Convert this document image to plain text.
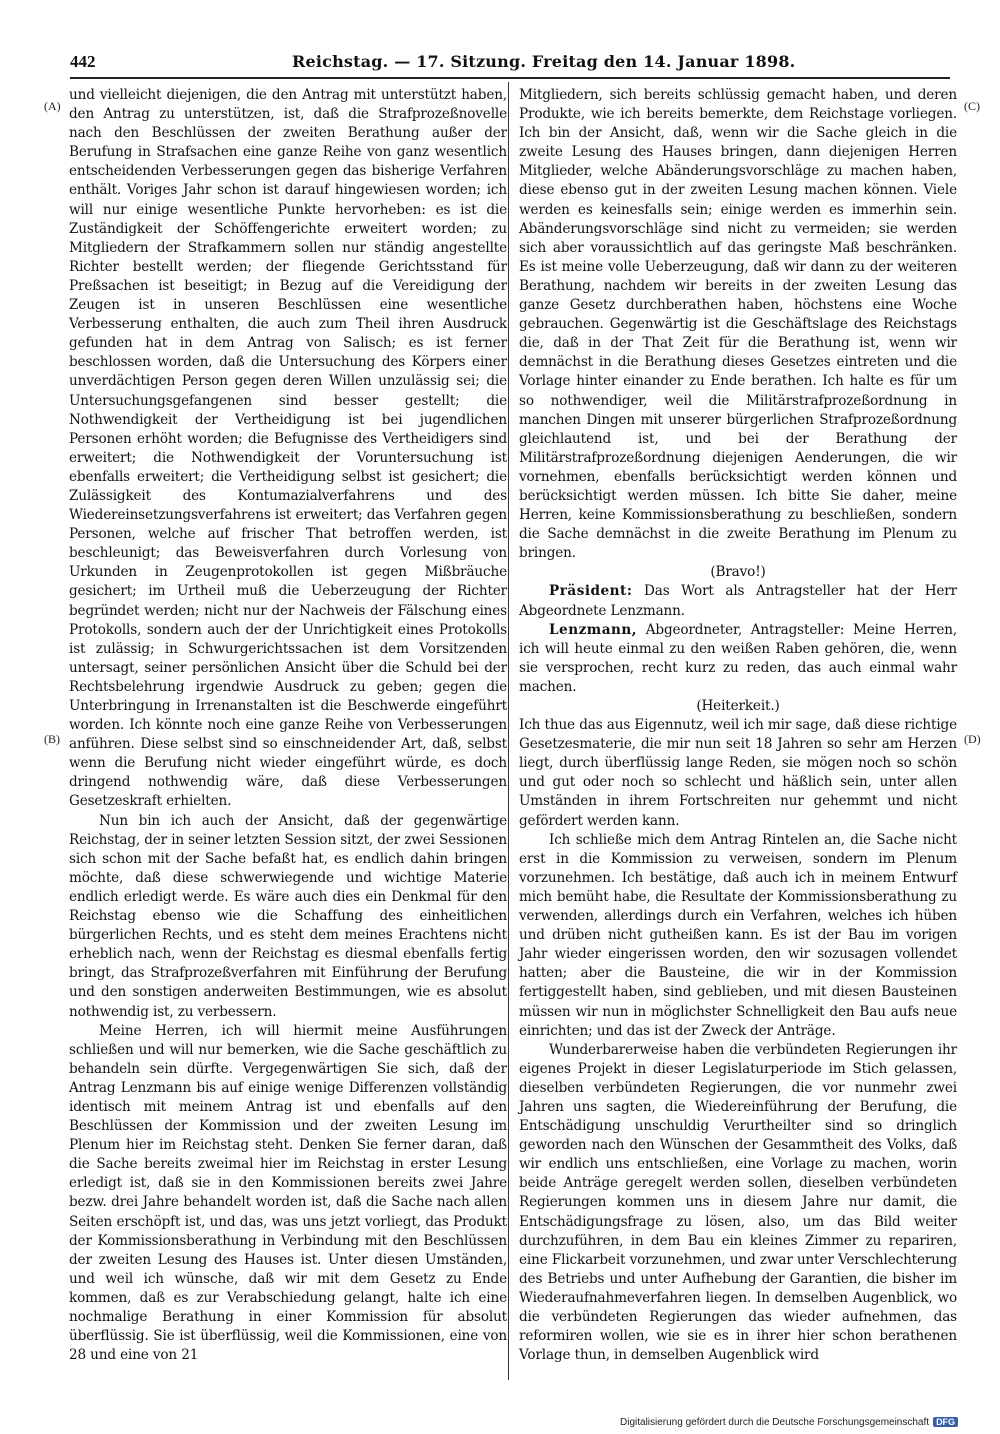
442	Reichstag. — 17. Sitzung. Freitag den 14. Januar 1898.
(A)
(B)
(C)
(D)

und vielleicht diejenigen, die den Antrag mit unterstützt haben, den Antrag zu unterstützen, ist, daß die Strafprozeßnovelle nach den Beschlüssen der zweiten Berathung außer der Berufung in Strafsachen eine ganze Reihe von ganz wesentlich entscheidenden Verbesserungen gegen das bisherige Verfahren enthält. Voriges Jahr schon ist darauf hingewiesen worden; ich will nur einige wesentliche Punkte hervorheben: es ist die Zuständigkeit der Schöffengerichte erweitert worden; zu Mitgliedern der Strafkammern sollen nur ständig angestellte Richter bestellt werden; der fliegende Gerichtsstand für Preßsachen ist beseitigt; in Bezug auf die Vereidigung der Zeugen ist in unseren Beschlüssen eine wesentliche Verbesserung enthalten, die auch zum Theil ihren Ausdruck gefunden hat in dem Antrag von Salisch; es ist ferner beschlossen worden, daß die Untersuchung des Körpers einer unverdächtigen Person gegen deren Willen unzulässig sei; die Untersuchungsgefangenen sind besser gestellt; die Nothwendigkeit der Vertheidigung ist bei jugendlichen Personen erhöht worden; die Befugnisse des Vertheidigers sind erweitert; die Nothwendigkeit der Voruntersuchung ist ebenfalls erweitert; die Vertheidigung selbst ist gesichert; die Zulässigkeit des Kontumazialverfahrens und des Wiedereinsetzungsverfahrens ist erweitert; das Verfahren gegen Personen, welche auf frischer That betroffen werden, ist beschleunigt; das Beweisverfahren durch Vorlesung von Urkunden in Zeugenprotokollen ist gegen Mißbräuche gesichert; im Urtheil muß die Ueberzeugung der Richter begründet werden; nicht nur der Nachweis der Fälschung eines Protokolls, sondern auch der der Unrichtigkeit eines Protokolls ist zulässig; in Schwurgerichtssachen ist dem Vorsitzenden untersagt, seiner persönlichen Ansicht über die Schuld bei der Rechtsbelehrung irgendwie Ausdruck zu geben; gegen die Unterbringung in Irrenanstalten ist die Beschwerde eingeführt worden. Ich könnte noch eine ganze Reihe von Verbesserungen anführen. Diese selbst sind so einschneidender Art, daß, selbst wenn die Berufung nicht wieder eingeführt würde, es doch dringend nothwendig wäre, daß diese Verbesserungen Gesetzeskraft erhielten.

Nun bin ich auch der Ansicht, daß der gegenwärtige Reichstag, der in seiner letzten Session sitzt, der zwei Sessionen sich schon mit der Sache befaßt hat, es endlich dahin bringen möchte, daß diese schwerwiegende und wichtige Materie endlich erledigt werde. Es wäre auch dies ein Denkmal für den Reichstag ebenso wie die Schaffung des einheitlichen bürgerlichen Rechts, und es steht dem meines Erachtens nicht erheblich nach, wenn der Reichstag es diesmal ebenfalls fertig bringt, das Strafprozeßverfahren mit Einführung der Berufung und den sonstigen anderweiten Bestimmungen, wie es absolut nothwendig ist, zu verbessern.

Meine Herren, ich will hiermit meine Ausführungen schließen und will nur bemerken, wie die Sache geschäftlich zu behandeln sein dürfte. Vergegenwärtigen Sie sich, daß der Antrag Lenzmann bis auf einige wenige Differenzen vollständig identisch mit meinem Antrag ist und ebenfalls auf den Beschlüssen der Kommission und der zweiten Lesung im Plenum hier im Reichstag steht. Denken Sie ferner daran, daß die Sache bereits zweimal hier im Reichstag in erster Lesung erledigt ist, daß sie in den Kommissionen bereits zwei Jahre bezw. drei Jahre behandelt worden ist, daß die Sache nach allen Seiten erschöpft ist, und das, was uns jetzt vorliegt, das Produkt der Kommissionsberathung in Verbindung mit den Beschlüssen der zweiten Lesung des Hauses ist. Unter diesen Umständen, und weil ich wünsche, daß wir mit dem Gesetz zu Ende kommen, daß es zur Verabschiedung gelangt, halte ich eine nochmalige Berathung in einer Kommission für absolut überflüssig. Sie ist überflüssig, weil die Kommissionen, eine von 28 und eine von 21

Mitgliedern, sich bereits schlüssig gemacht haben, und deren Produkte, wie ich bereits bemerkte, dem Reichstage vorliegen. Ich bin der Ansicht, daß, wenn wir die Sache gleich in die zweite Lesung des Hauses bringen, dann diejenigen Herren Mitglieder, welche Abänderungsvorschläge zu machen haben, diese ebenso gut in der zweiten Lesung machen können. Viele werden es keinesfalls sein; einige werden es immerhin sein. Abänderungsvorschläge sind nicht zu vermeiden; sie werden sich aber voraussichtlich auf das geringste Maß beschränken. Es ist meine volle Ueberzeugung, daß wir dann zu der weiteren Berathung, nachdem wir bereits in der zweiten Lesung das ganze Gesetz durchberathen haben, höchstens eine Woche gebrauchen. Gegenwärtig ist die Geschäftslage des Reichstags die, daß in der That Zeit für die Berathung ist, wenn wir demnächst in die Berathung dieses Gesetzes eintreten und die Vorlage hinter einander zu Ende berathen. Ich halte es für um so nothwendiger, weil die Militärstrafprozeßordnung in manchen Dingen mit unserer bürgerlichen Strafprozeßordnung gleichlautend ist, und bei der Berathung der Militärstrafprozeßordnung diejenigen Aenderungen, die wir vornehmen, ebenfalls berücksichtigt werden können und berücksichtigt werden müssen. Ich bitte Sie daher, meine Herren, keine Kommissionsberathung zu beschließen, sondern die Sache demnächst in die zweite Berathung im Plenum zu bringen.

(Bravo!)

Präsident: Das Wort als Antragsteller hat der Herr Abgeordnete Lenzmann.

Lenzmann, Abgeordneter, Antragsteller: Meine Herren, ich will heute einmal zu den weißen Raben gehören, die, wenn sie versprochen, recht kurz zu reden, das auch einmal wahr machen.

(Heiterkeit.)

Ich thue das aus Eigennutz, weil ich mir sage, daß diese richtige Gesetzesmaterie, die mir nun seit 18 Jahren so sehr am Herzen liegt, durch überflüssig lange Reden, sie mögen noch so schön und gut oder noch so schlecht und häßlich sein, unter allen Umständen in ihrem Fortschreiten nur gehemmt und nicht gefördert werden kann.

Ich schließe mich dem Antrag Rintelen an, die Sache nicht erst in die Kommission zu verweisen, sondern im Plenum vorzunehmen. Ich bestätige, daß auch ich in meinem Entwurf mich bemüht habe, die Resultate der Kommissionsberathung zu verwenden, allerdings durch ein Verfahren, welches ich hüben und drüben nicht gutheißen kann. Es ist der Bau im vorigen Jahr wieder eingerissen worden, den wir sozusagen vollendet hatten; aber die Bausteine, die wir in der Kommission fertiggestellt haben, sind geblieben, und mit diesen Bausteinen müssen wir nun in möglichster Schnelligkeit den Bau aufs neue einrichten; und das ist der Zweck der Anträge.

Wunderbarerweise haben die verbündeten Regierungen ihr eigenes Projekt in dieser Legislaturperiode im Stich gelassen, dieselben verbündeten Regierungen, die vor nunmehr zwei Jahren uns sagten, die Wiedereinführung der Berufung, die Entschädigung unschuldig Verurtheilter sind so dringlich geworden nach den Wünschen der Gesammtheit des Volks, daß wir endlich uns entschließen, eine Vorlage zu machen, worin beide Anträge geregelt werden sollen, dieselben verbündeten Regierungen kommen uns in diesem Jahre nur damit, die Entschädigungsfrage zu lösen, also, um das Bild weiter durchzuführen, in dem Bau ein kleines Zimmer zu repariren, eine Flickarbeit vorzunehmen, und zwar unter Verschlechterung des Betriebs und unter Aufhebung der Garantien, die bisher im Wiederaufnahmeverfahren liegen. In demselben Augenblick, wo die verbündeten Regierungen das wieder aufnehmen, das reformiren wollen, wie sie es in ihrer hier schon berathenen Vorlage thun, in demselben Augenblick wird

Digitalisierung gefördert durch die Deutsche Forschungsgemeinschaft DFG
